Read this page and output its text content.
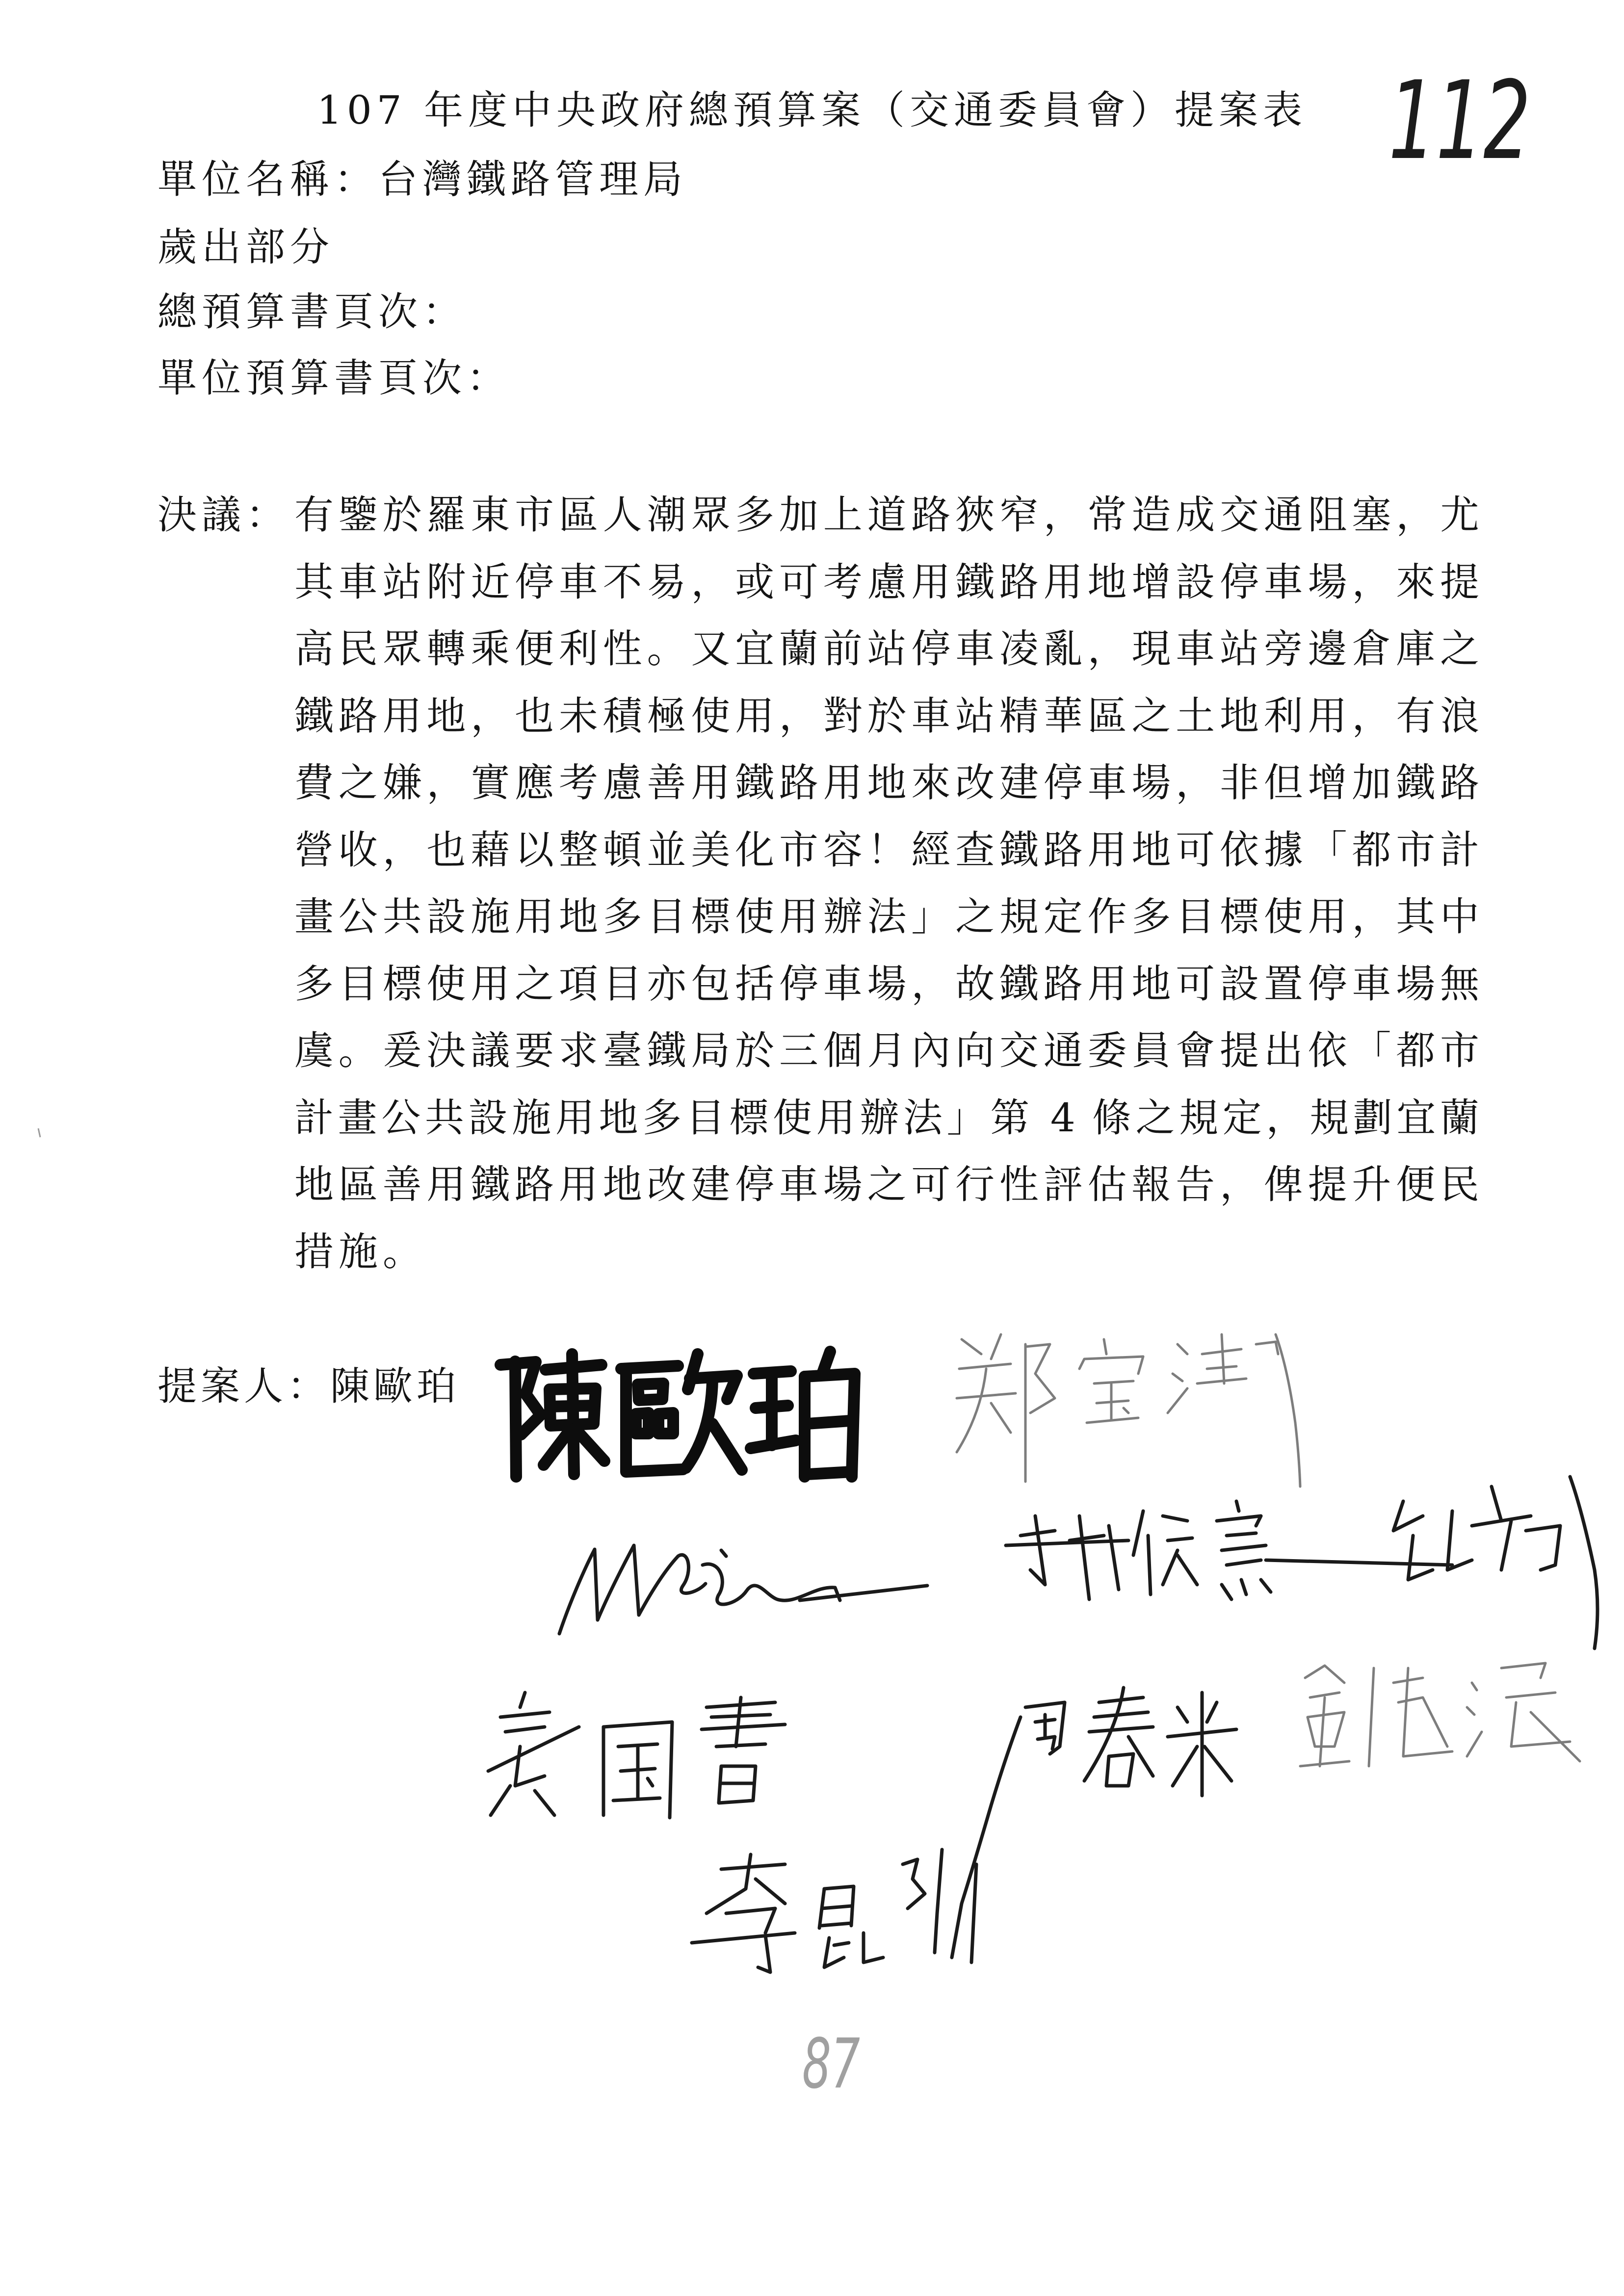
107 年度中央政府總預算案（交通委員會）提案表
單位名稱：台灣鐵路管理局
歲出部分
總預算書頁次：
單位預算書頁次：
決議： 有鑒於羅東市區人潮眾多加上道路狹窄，常造成交通阻塞，尤
其車站附近停車不易，或可考慮用鐵路用地增設停車場，來提
高民眾轉乘便利性。又宜蘭前站停車凌亂，現車站旁邊倉庫之
鐵路用地，也未積極使用，對於車站精華區之土地利用，有浪
費之嫌，實應考慮善用鐵路用地來改建停車場，非但增加鐵路
營收，也藉以整頓並美化市容！經查鐵路用地可依據「都市計
畫公共設施用地多目標使用辦法」之規定作多目標使用，其中
多目標使用之項目亦包括停車場，故鐵路用地可設置停車場無
虞。爰決議要求臺鐵局於三個月內向交通委員會提出依「都市
計畫公共設施用地多目標使用辦法」第 4 條之規定，規劃宜蘭
地區善用鐵路用地改建停車場之可行性評估報告，俾提升便民
措施。
提案人：陳歐珀
112
87
